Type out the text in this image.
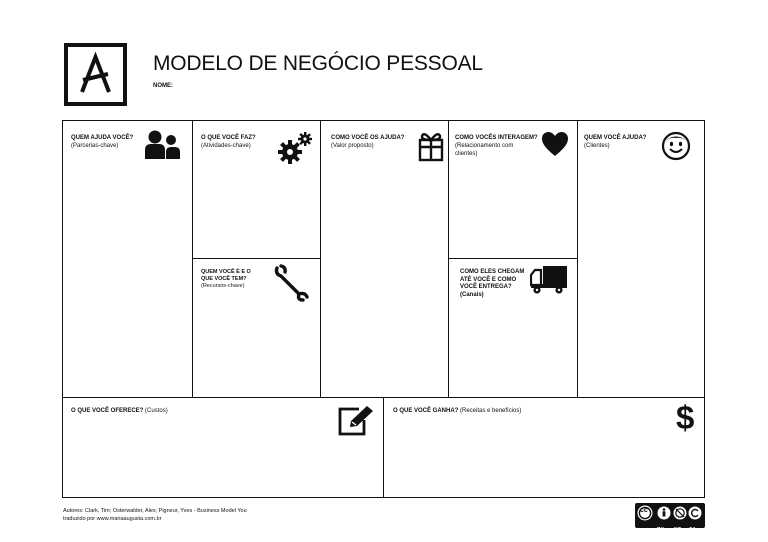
MODELO DE NEGÓCIO PESSOAL
NOME:
QUEM AJUDA VOCÊ?
(Parcerias-chave)
O QUE VOCÊ FAZ?
(Atividades-chave)
COMO VOCÊ OS AJUDA?
(Valor proposto)
COMO VOCÊS INTERAGEM?
(Relacionamento com
clientes)
QUEM VOCÊ AJUDA?
(Clientes)
QUEM VOCÊ É E O
QUE VOCÊ TEM?
(Recursos-chave)
COMO ELES CHEGAM
ATÉ VOCÊ E COMO
VOCÊ ENTREGA?
(Canais)
O QUE VOCÊ OFERECE? (Custos)	O QUE VOCÊ GANHA? (Receitas e benefícios)	$
Autores: Clark, Tim; Osterwalder, Alex; Pigneur, Yves - Business Model You
traduzido por www.mariaaugusta.com.br
cc
BY NC SA
